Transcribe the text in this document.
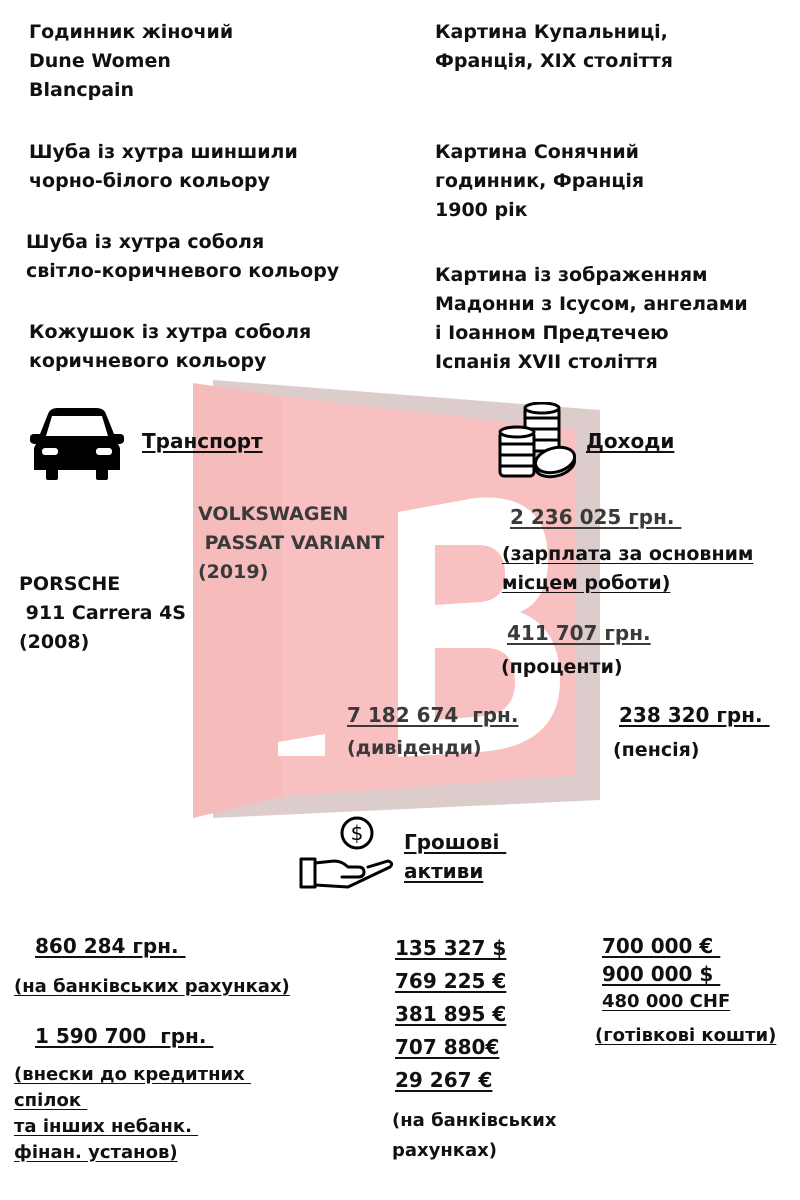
Годинник жіночий
Dune Women
Blancpain
Шуба із хутра шиншили
чорно-білого кольору
Шуба із хутра соболя
світло-коричневого кольору
Кожушок із хутра соболя
коричневого кольору
Картина Купальниці,
Франція, XIX століття
Картина Сонячний
годинник, Франція
1900 рік
Картина із зображенням
Мадонни з Ісусом, ангелами
і Іоанном Предтечею
Іспанія XVII століття
Транспорт
VOLKSWAGEN
PASSAT VARIANT
(2019)
PORSCHE
911 Carrera 4S
(2008)
Доходи
2 236 025 грн.
(зарплата за основним
місцем роботи)
411 707 грн.
(проценти)
7 182 674  грн.
(дивіденди)
238 320 грн.
(пенсія)
$ Грошові
активи
860 284 грн.
(на банківських рахунках)
1 590 700  грн.
(внески до кредитних
спілок
та інших небанк.
фінан. установ)
135 327 $
769 225 €
381 895 €
707 880€
29 267 €
(на банківських
рахунках)
700 000 €
900 000 $
480 000 CHF
(готівкові кошти)
